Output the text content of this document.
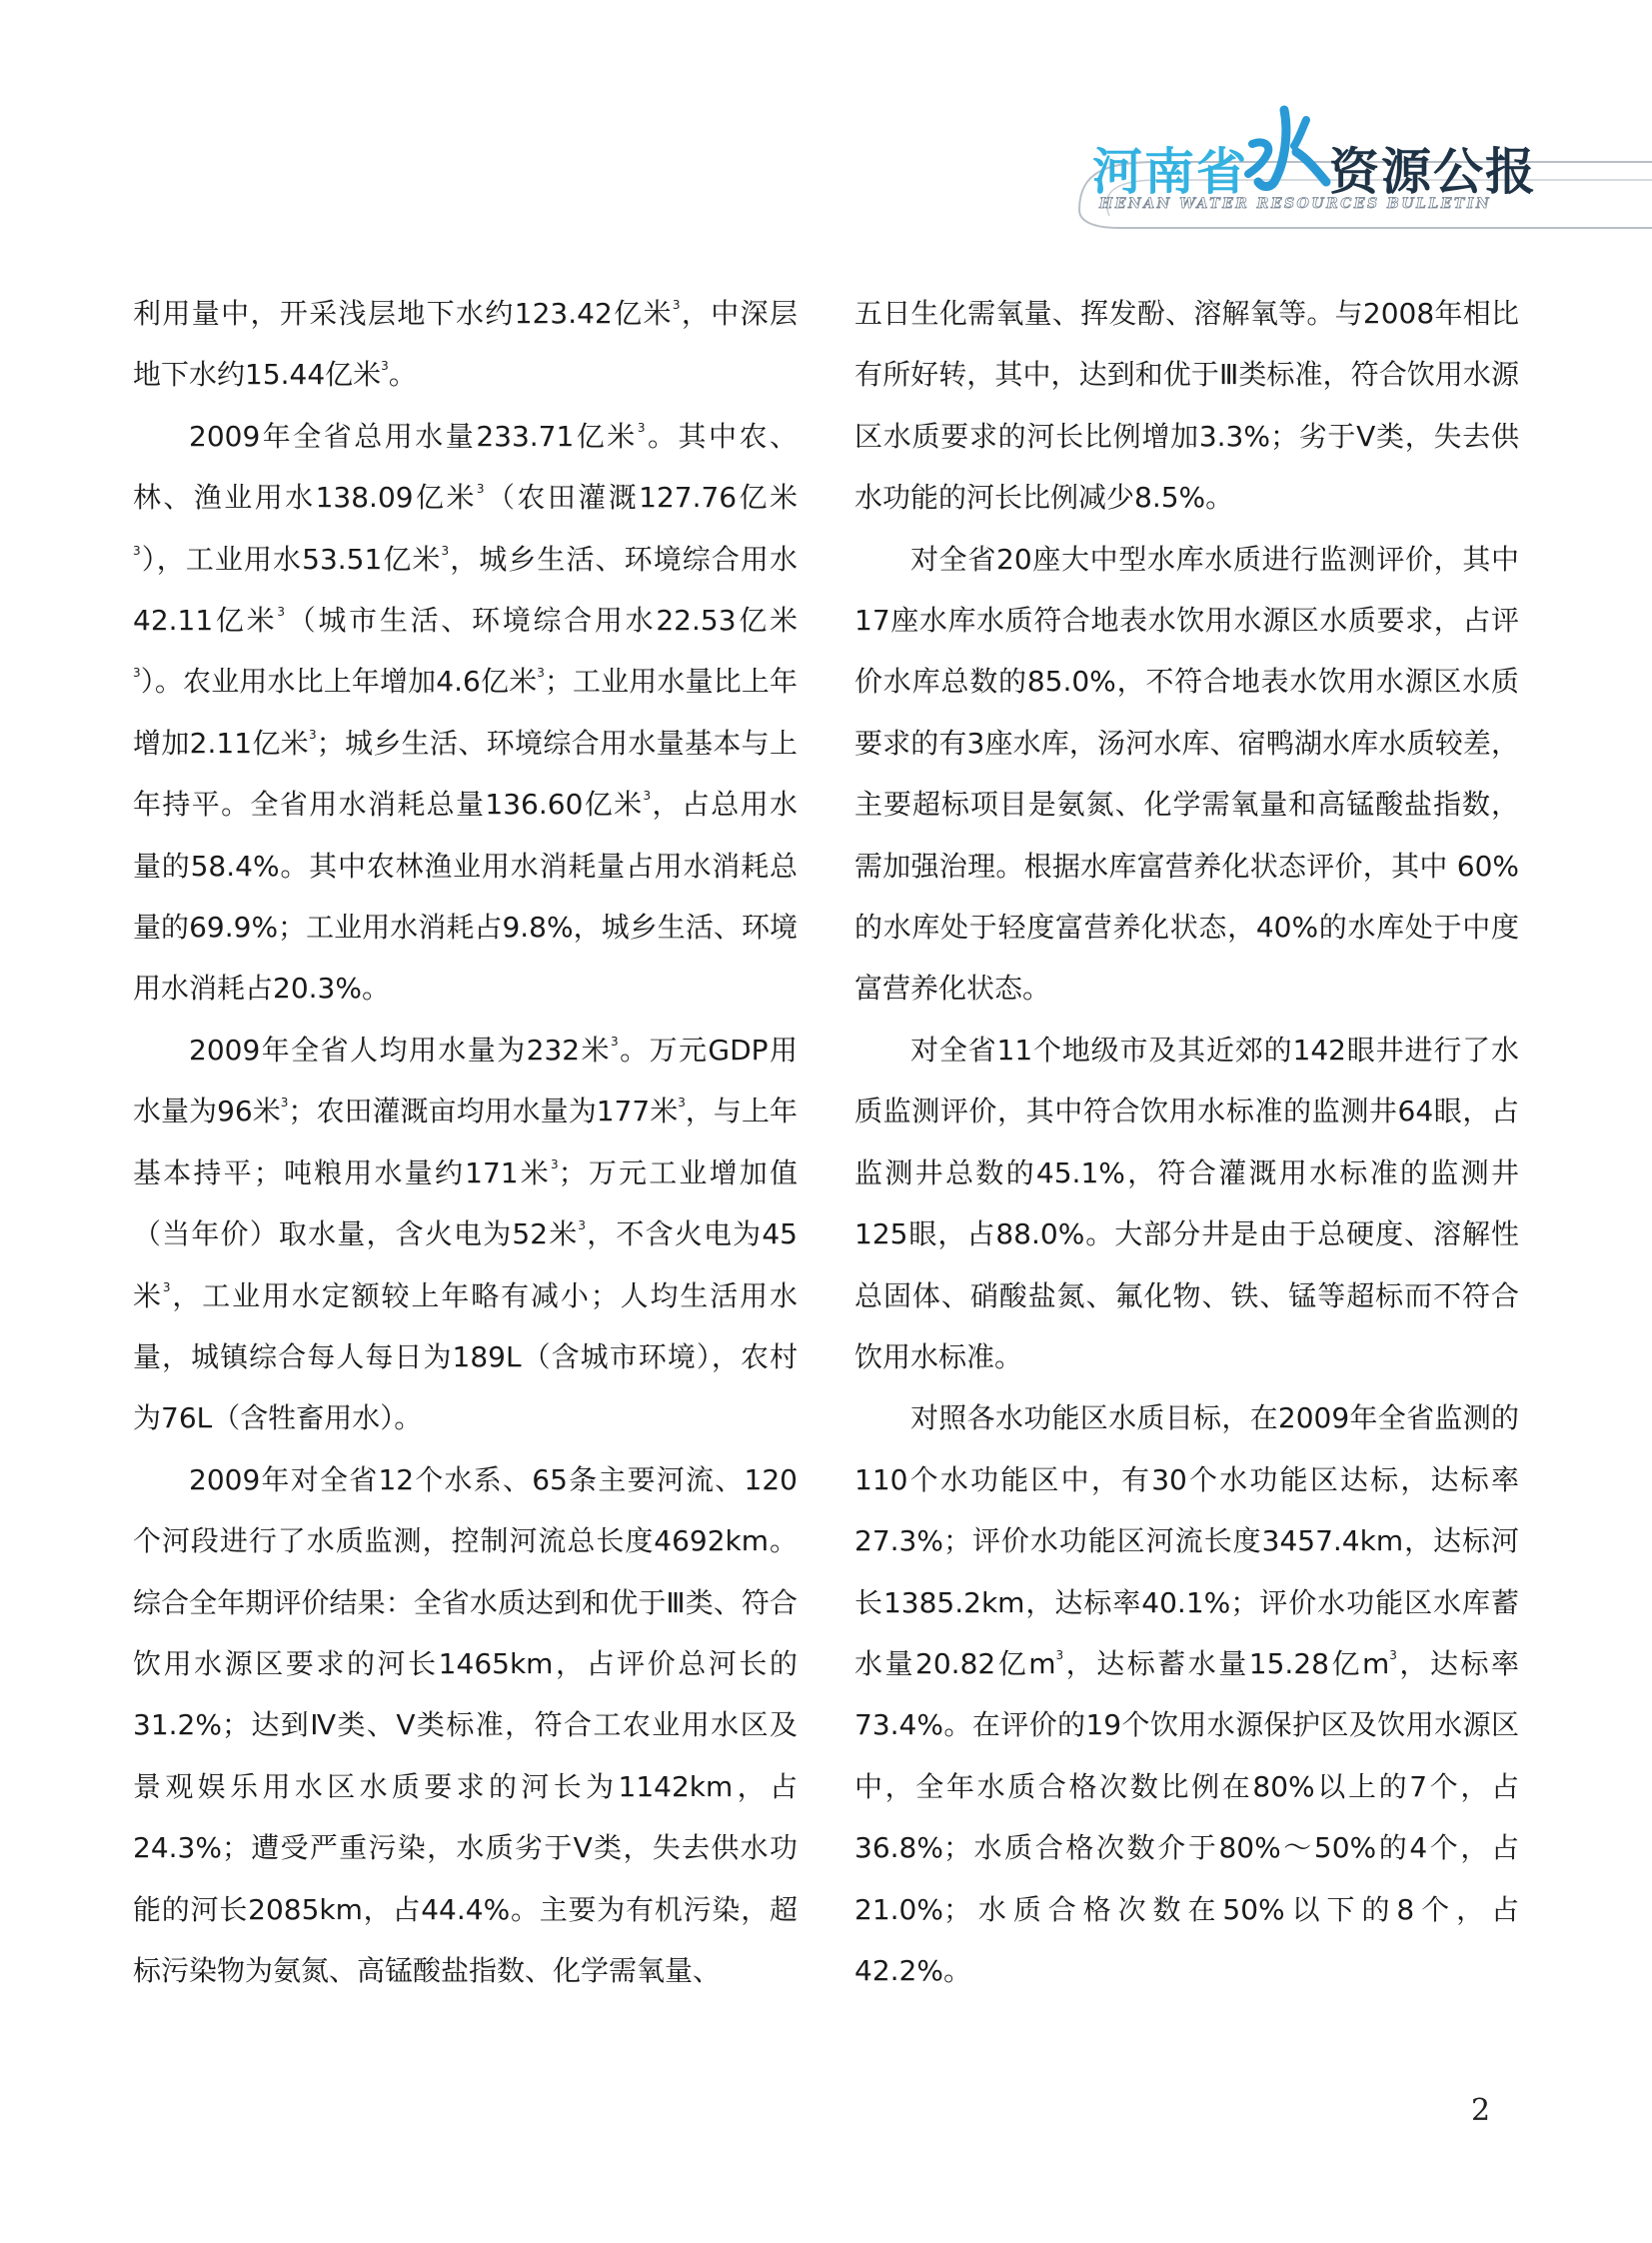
河南省 资源公报
HENAN WATER RESOURCES BULLETIN

利用量中，开采浅层地下水约123.42亿米$^3$，中深层地下水约15.44亿米$^3$。

2009年全省总用水量233.71亿米$^3$。其中农、林、渔业用水138.09亿米$^3$（农田灌溉127.76亿米$^3$），工业用水53.51亿米$^3$，城乡生活、环境综合用水42.11亿米$^3$（城市生活、环境综合用水22.53亿米$^3$）。农业用水比上年增加4.6亿米$^3$；工业用水量比上年增加2.11亿米$^3$；城乡生活、环境综合用水量基本与上年持平。全省用水消耗总量136.60亿米$^3$，占总用水量的58.4%。其中农林渔业用水消耗量占用水消耗总量的69.9%；工业用水消耗占9.8%，城乡生活、环境用水消耗占20.3%。

2009年全省人均用水量为232米$^3$。万元GDP用水量为96米$^3$；农田灌溉亩均用水量为177米$^3$，与上年基本持平；吨粮用水量约171米$^3$；万元工业增加值（当年价）取水量，含火电为52米$^3$，不含火电为45米$^3$，工业用水定额较上年略有减小；人均生活用水量，城镇综合每人每日为189L（含城市环境），农村为76L（含牲畜用水）。

2009年对全省12个水系、65条主要河流、120个河段进行了水质监测，控制河流总长度4692km。综合全年期评价结果：全省水质达到和优于Ⅲ类、符合饮用水源区要求的河长1465km，占评价总河长的31.2%；达到Ⅳ类、Ⅴ类标准，符合工农业用水区及景观娱乐用水区水质要求的河长为1142km，占24.3%；遭受严重污染，水质劣于Ⅴ类，失去供水功能的河长2085km，占44.4%。主要为有机污染，超标污染物为氨氮、高锰酸盐指数、化学需氧量、

五日生化需氧量、挥发酚、溶解氧等。与2008年相比有所好转，其中，达到和优于Ⅲ类标准，符合饮用水源区水质要求的河长比例增加3.3%；劣于Ⅴ类，失去供水功能的河长比例减少8.5%。

对全省20座大中型水库水质进行监测评价，其中17座水库水质符合地表水饮用水源区水质要求，占评价水库总数的85.0%，不符合地表水饮用水源区水质要求的有3座水库，汤河水库、宿鸭湖水库水质较差，主要超标项目是氨氮、化学需氧量和高锰酸盐指数，需加强治理。根据水库富营养化状态评价，其中 60%的水库处于轻度富营养化状态，40%的水库处于中度富营养化状态。

对全省11个地级市及其近郊的142眼井进行了水质监测评价，其中符合饮用水标准的监测井64眼，占监测井总数的45.1%，符合灌溉用水标准的监测井125眼，占88.0%。大部分井是由于总硬度、溶解性总固体、硝酸盐氮、氟化物、铁、锰等超标而不符合饮用水标准。

对照各水功能区水质目标，在2009年全省监测的110个水功能区中，有30个水功能区达标，达标率27.3%；评价水功能区河流长度3457.4km，达标河长1385.2km，达标率40.1%；评价水功能区水库蓄水量20.82亿$m^3$，达标蓄水量15.28亿$m^3$，达标率73.4%。在评价的19个饮用水源保护区及饮用水源区中，全年水质合格次数比例在80%以上的7个，占36.8%；水质合格次数介于80%～50%的4个，占21.0%；水质合格次数在50%以下的8个，占42.2%。

2
